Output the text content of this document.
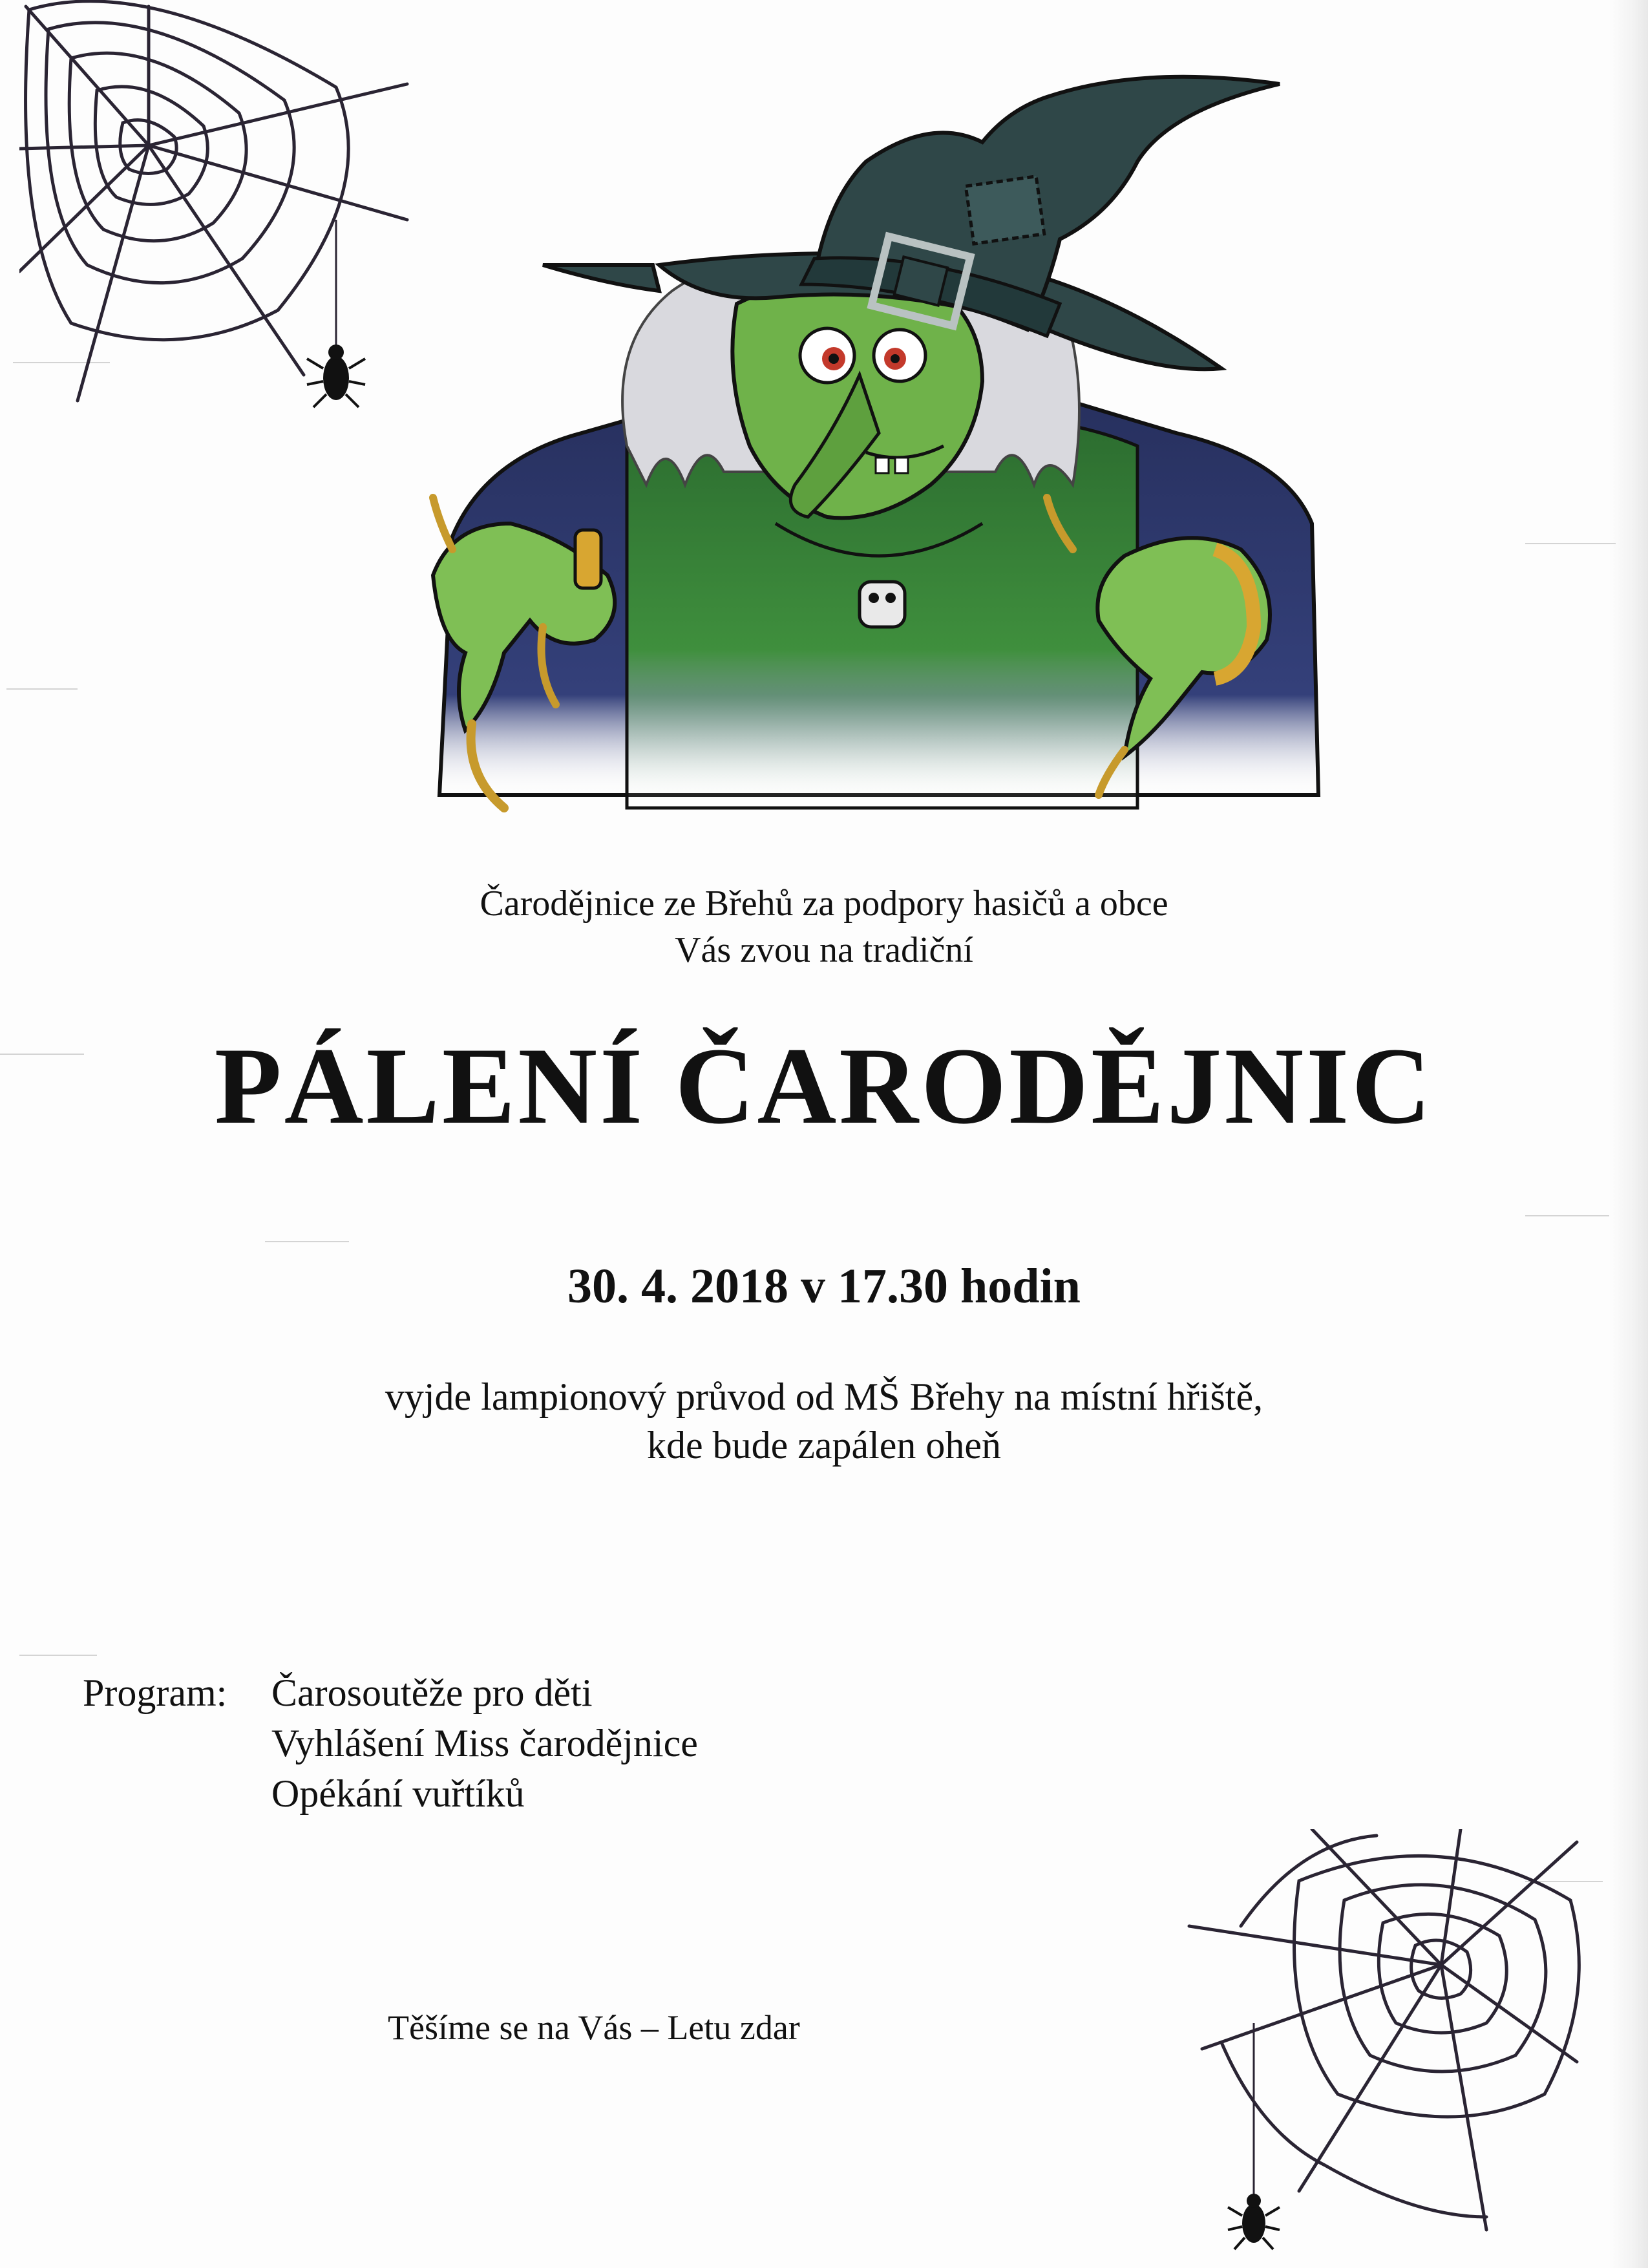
Čarodějnice ze Břehů za podpory hasičů a obce
Vás zvou na tradiční
PÁLENÍ ČARODĚJNIC
30. 4. 2018 v 17.30 hodin
vyjde lampionový průvod od MŠ Břehy na místní hřiště,
kde bude zapálen oheň
Program: Čarosoutěže pro děti
Vyhlášení Miss čarodějnice
Opékání vuřtíků
Těšíme se na Vás – Letu zdar
